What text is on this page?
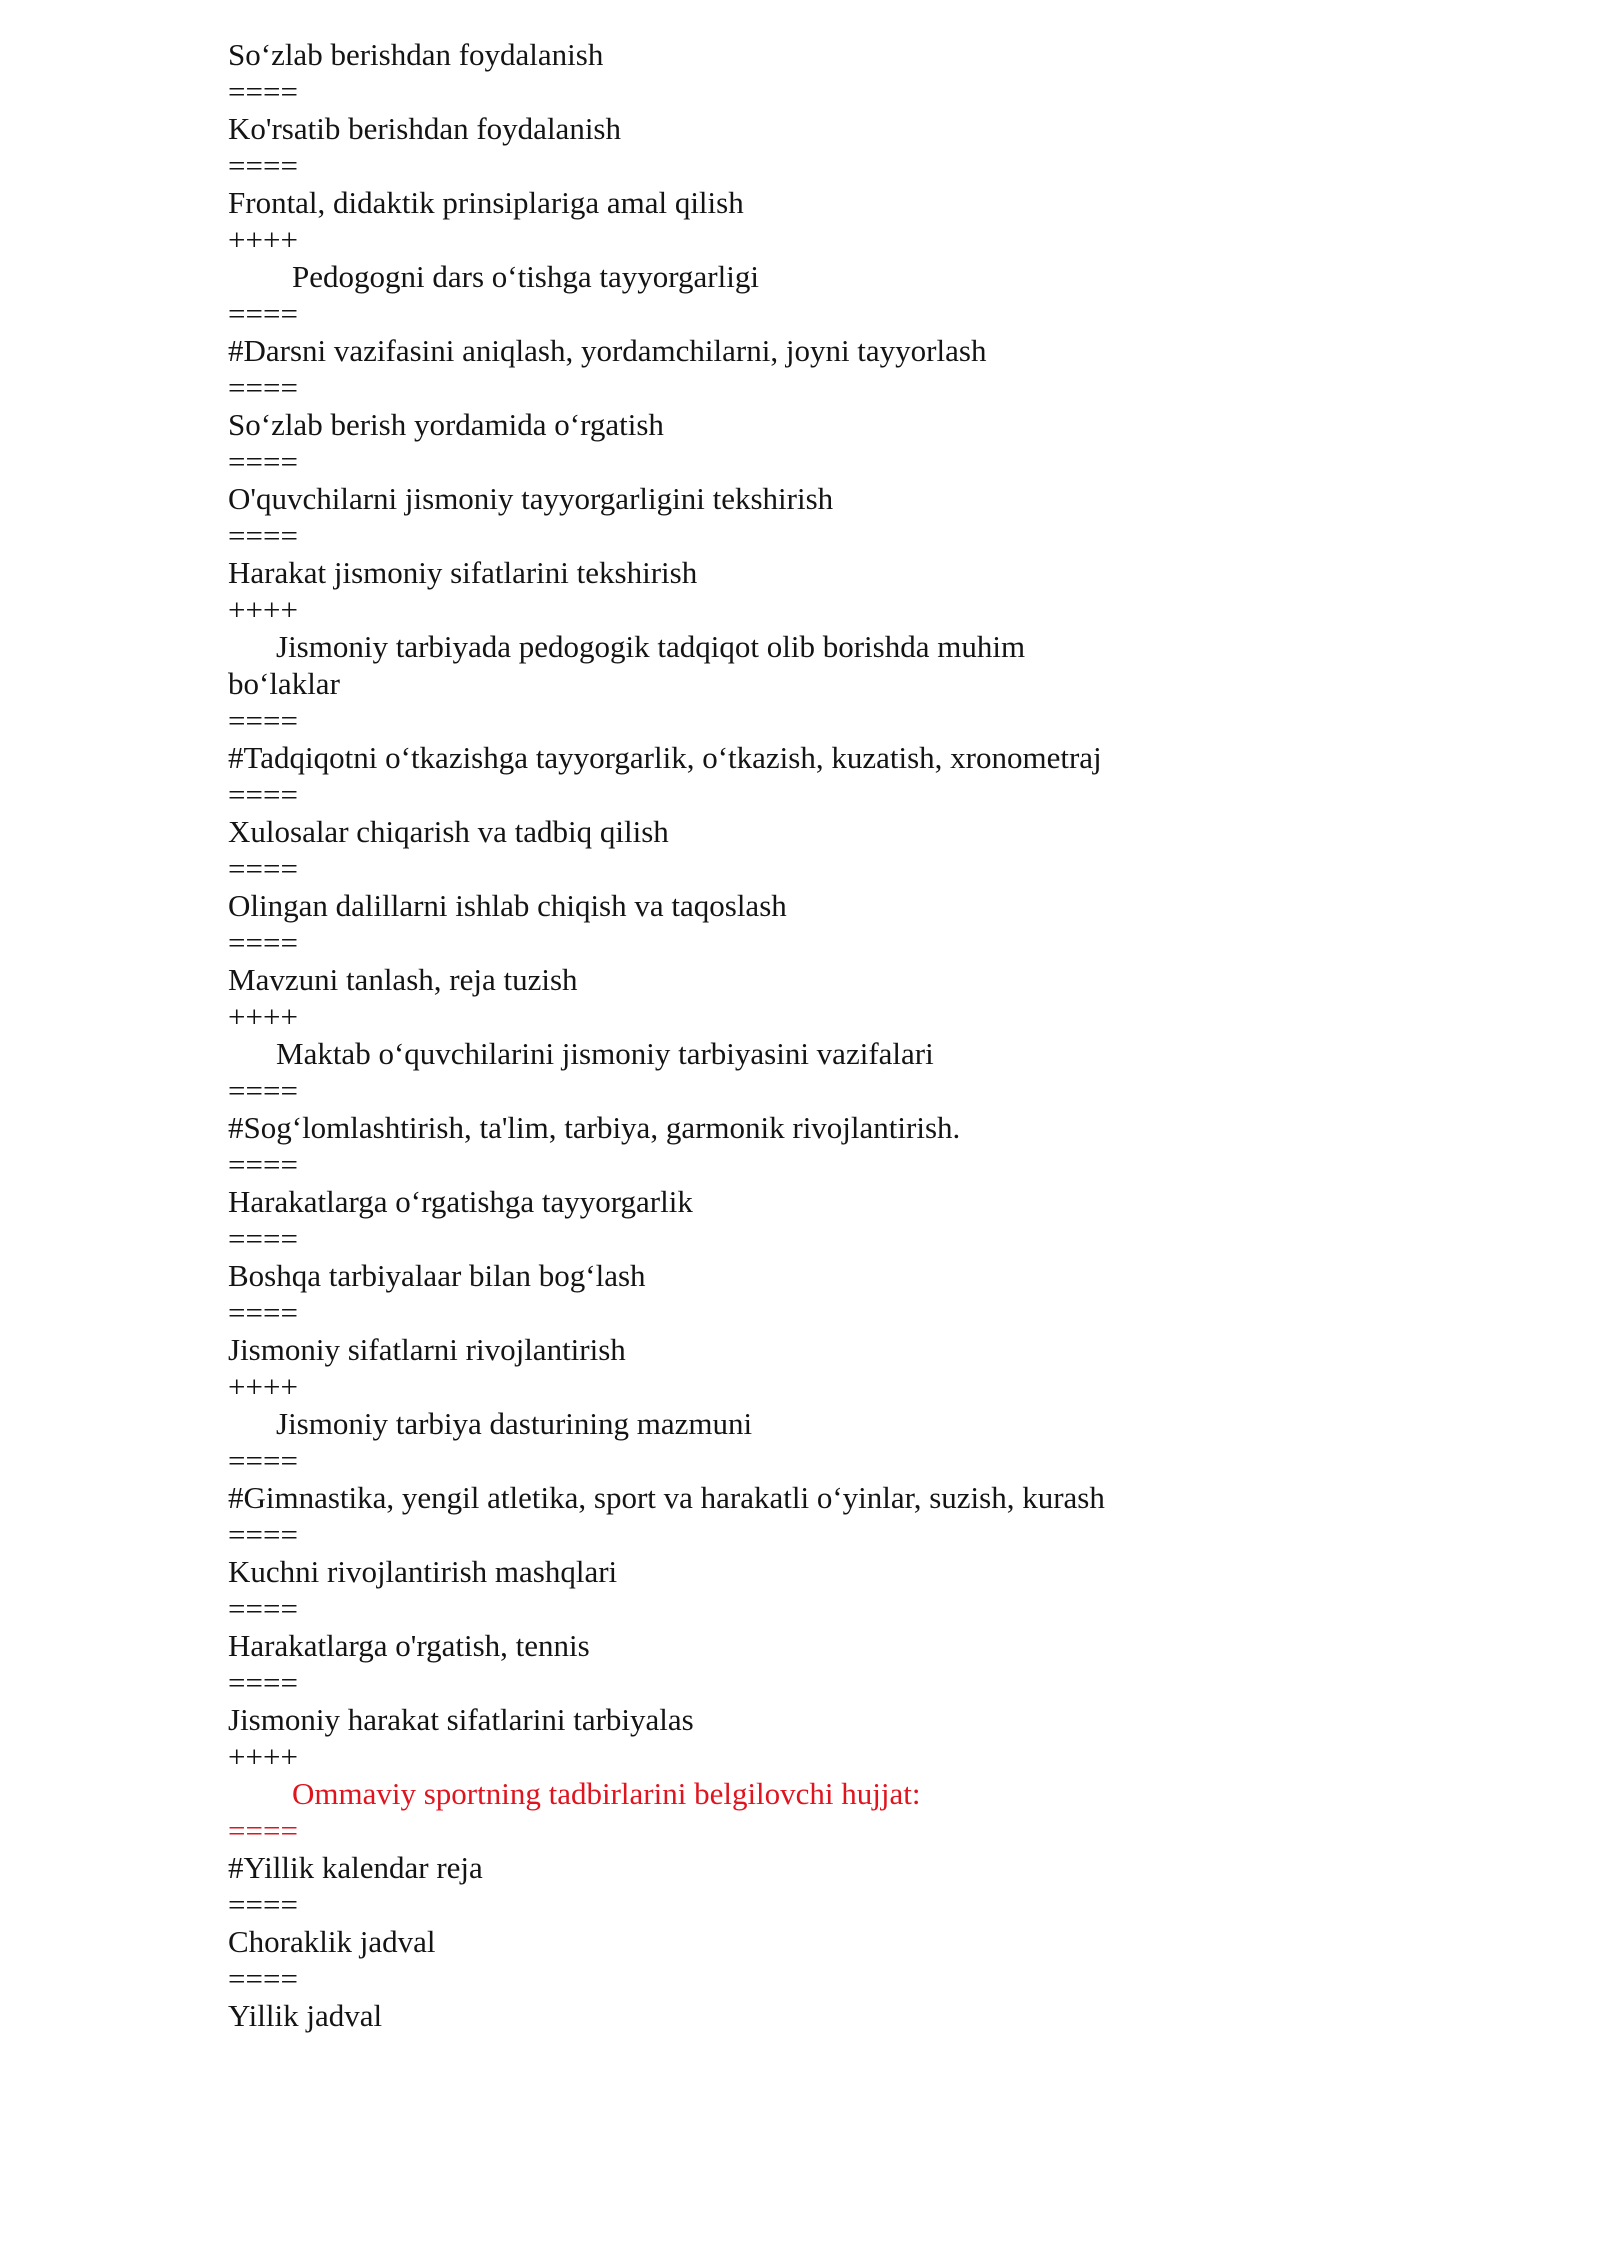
So‘zlab berishdan foydalanish
====
Ko'rsatib berishdan foydalanish
====
Frontal, didaktik prinsiplariga amal qilish
++++
Pedogogni dars o‘tishga tayyorgarligi
====
#Darsni vazifasini aniqlash, yordamchilarni, joyni tayyorlash
====
So‘zlab berish yordamida o‘rgatish
====
O'quvchilarni jismoniy tayyorgarligini tekshirish
====
Harakat jismoniy sifatlarini tekshirish
++++
Jismoniy tarbiyada pedogogik tadqiqot olib borishda muhim bo‘laklar
====
#Tadqiqotni o‘tkazishga tayyorgarlik, o‘tkazish, kuzatish, xronometraj
====
Xulosalar chiqarish va tadbiq qilish
====
Olingan dalillarni ishlab chiqish va taqoslash
====
Mavzuni tanlash, reja tuzish
++++
Maktab o‘quvchilarini jismoniy tarbiyasini vazifalari
====
#Sog‘lomlashtirish, ta'lim, tarbiya, garmonik rivojlantirish.
====
Harakatlarga o‘rgatishga tayyorgarlik
====
Boshqa tarbiyalaar bilan bog‘lash
====
Jismoniy sifatlarni rivojlantirish
++++
Jismoniy tarbiya dasturining mazmuni
====
#Gimnastika, yengil atletika, sport va harakatli o‘yinlar, suzish, kurash
====
Kuchni rivojlantirish mashqlari
====
Harakatlarga o'rgatish, tennis
====
Jismoniy harakat sifatlarini tarbiyalas
++++
Ommaviy sportning tadbirlarini belgilovchi hujjat:
====
#Yillik kalendar reja
====
Choraklik jadval
====
Yillik jadval
